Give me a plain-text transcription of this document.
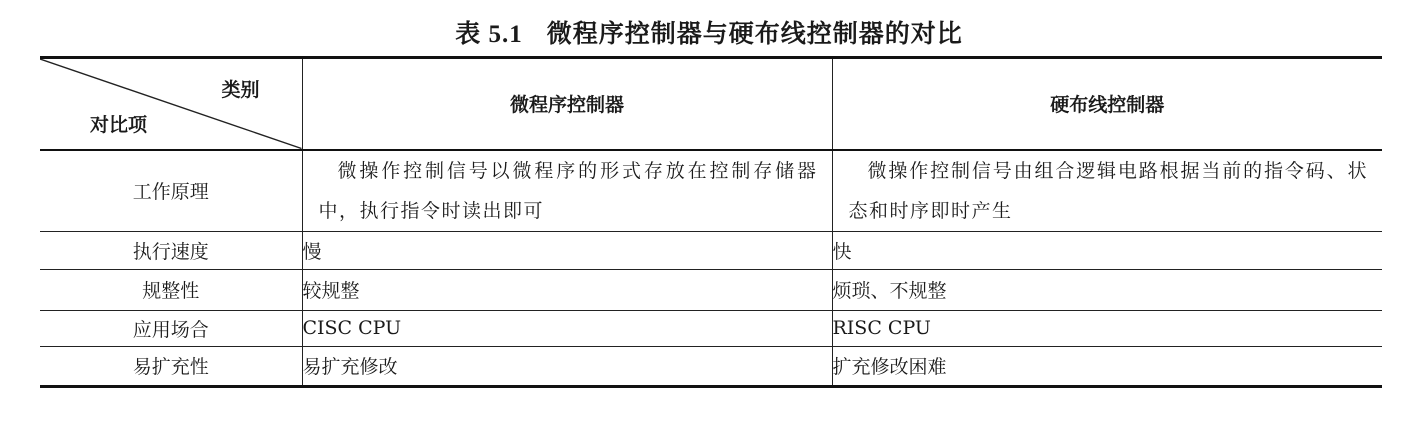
表 5.1 微程序控制器与硬布线控制器的对比
类别
对比项	微程序控制器	硬布线控制器
工作原理	微操作控制信号以微程序的形式存放在控制存储器中，执行指令时读出即可	微操作控制信号由组合逻辑电路根据当前的指令码、状态和时序即时产生

执行速度	慢	快
规整性	较规整	烦琐、不规整
应用场合	CISC CPU	RISC CPU
易扩充性	易扩充修改	扩充修改困难
